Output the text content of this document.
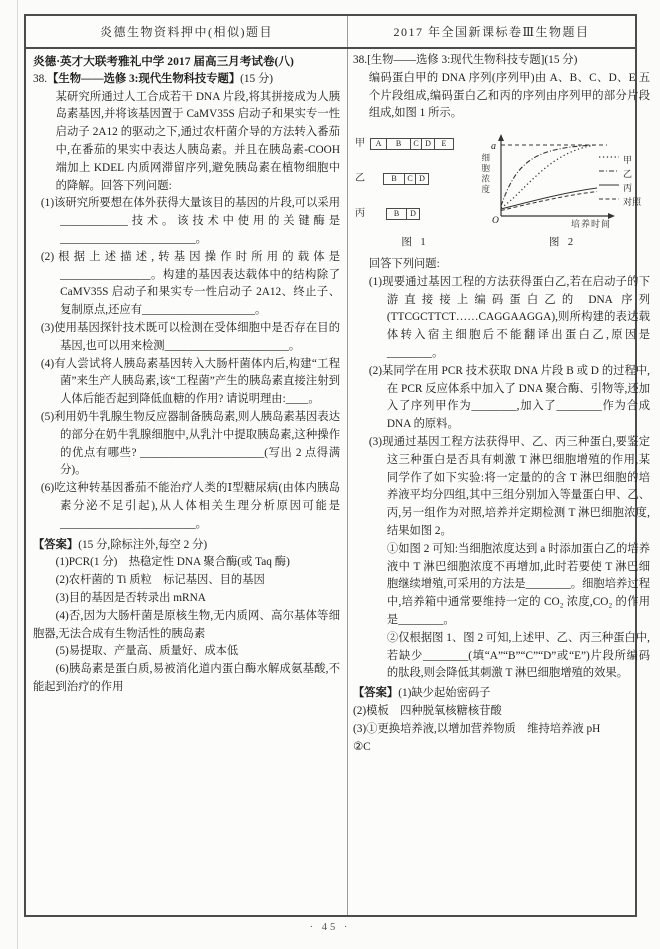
炎德生物资料押中(相似)题目	2017 年全国新课标卷Ⅲ生物题目

炎德·英才大联考雅礼中学 2017 届高三月考试卷(八)

38.【生物——选修 3:现代生物科技专题】(15 分)

某研究所通过人工合成若干 DNA 片段,将其拼接成为人胰岛素基因,并将该基因置于 CaMV35S 启动子和果实专一性启动子 2A12 的驱动之下,通过农杆菌介导的方法转入番茄中,在番茄的果实中表达人胰岛素。并且在胰岛素-COOH 端加上 KDEL 内质网滞留序列,避免胰岛素在植物细胞中的降解。回答下列问题:

(1)该研究所要想在体外获得大量该目的基因的片段,可以采用____________技术。该技术中使用的关键酶是________________________。

(2)根据上述描述,转基因操作时所用的载体是________________。构建的基因表达载体中的结构除了 CaMV35S 启动子和果实专一性启动子 2A12、终止子、复制原点,还应有____________________。

(3)使用基因探针技术既可以检测在受体细胞中是否存在目的基因,也可以用来检测______________________。

(4)有人尝试将人胰岛素基因转入大肠杆菌体内后,构建“工程菌”来生产人胰岛素,该“工程菌”产生的胰岛素直接注射到人体后能否起到降低血糖的作用? 请说明理由:____。

(5)利用奶牛乳腺生物反应器制备胰岛素,则人胰岛素基因表达的部分在奶牛乳腺细胞中,从乳汁中提取胰岛素,这种操作的优点有哪些? ______________________(写出 2 点得满分)。

(6)吃这种转基因番茄不能治疗人类的Ⅰ型糖尿病(由体内胰岛素分泌不足引起),从人体相关生理分析原因可能是________________________。

【答案】(15 分,除标注外,每空 2 分)

(1)PCR(1 分)　热稳定性 DNA 聚合酶(或 Taq 酶)

(2)农杆菌的 Ti 质粒　标记基因、目的基因

(3)目的基因是否转录出 mRNA

(4)否,因为大肠杆菌是原核生物,无内质网、高尔基体等细胞器,无法合成有生物活性的胰岛素

(5)易提取、产量高、质量好、成本低

(6)胰岛素是蛋白质,易被消化道内蛋白酶水解成氨基酸,不能起到治疗的作用

38.[生物——选修 3:现代生物科技专题](15 分)

编码蛋白甲的 DNA 序列(序列甲)由 A、B、C、D、E 五个片段组成,编码蛋白乙和丙的序列由序列甲的部分片段组成,如图 1 所示。

甲	A	B	C D	E
乙	B	C D
丙	B	D
细胞浓度
a
O	培养时间
甲
乙
丙
对照
图 1	图 2

回答下列问题:

(1)现要通过基因工程的方法获得蛋白乙,若在启动子的下游直接接上编码蛋白乙的 DNA 序列(TTCGCTTCT……CAGGAAGGA),则所构建的表达载体转入宿主细胞后不能翻译出蛋白乙,原因是________。

(2)某同学在用 PCR 技术获取 DNA 片段 B 或 D 的过程中,在 PCR 反应体系中加入了 DNA 聚合酶、引物等,还加入了序列甲作为________,加入了________作为合成 DNA 的原料。

(3)现通过基因工程方法获得甲、乙、丙三种蛋白,要鉴定这三种蛋白是否具有刺激 T 淋巴细胞增殖的作用,某同学作了如下实验:将一定量的的含 T 淋巴细胞的培养液平均分四组,其中三组分别加入等量蛋白甲、乙、丙,另一组作为对照,培养并定期检测 T 淋巴细胞浓度,结果如图 2。

①如图 2 可知:当细胞浓度达到 a 时添加蛋白乙的培养液中 T 淋巴细胞浓度不再增加,此时若要使 T 淋巴细胞继续增殖,可采用的方法是________。细胞培养过程中,培养箱中通常要维持一定的 CO₂ 浓度,CO₂ 的作用是________。

②仅根据图 1、图 2 可知,上述甲、乙、丙三种蛋白中,若缺少________(填“A”“B”“C”“D”或“E”)片段所编码的肽段,则会降低其刺激 T 淋巴细胞增殖的效果。

【答案】(1)缺少起始密码子

(2)模板　四种脱氧核糖核苷酸

(3)①更换培养液,以增加营养物质　维持培养液 pH

②C

· 45 ·
